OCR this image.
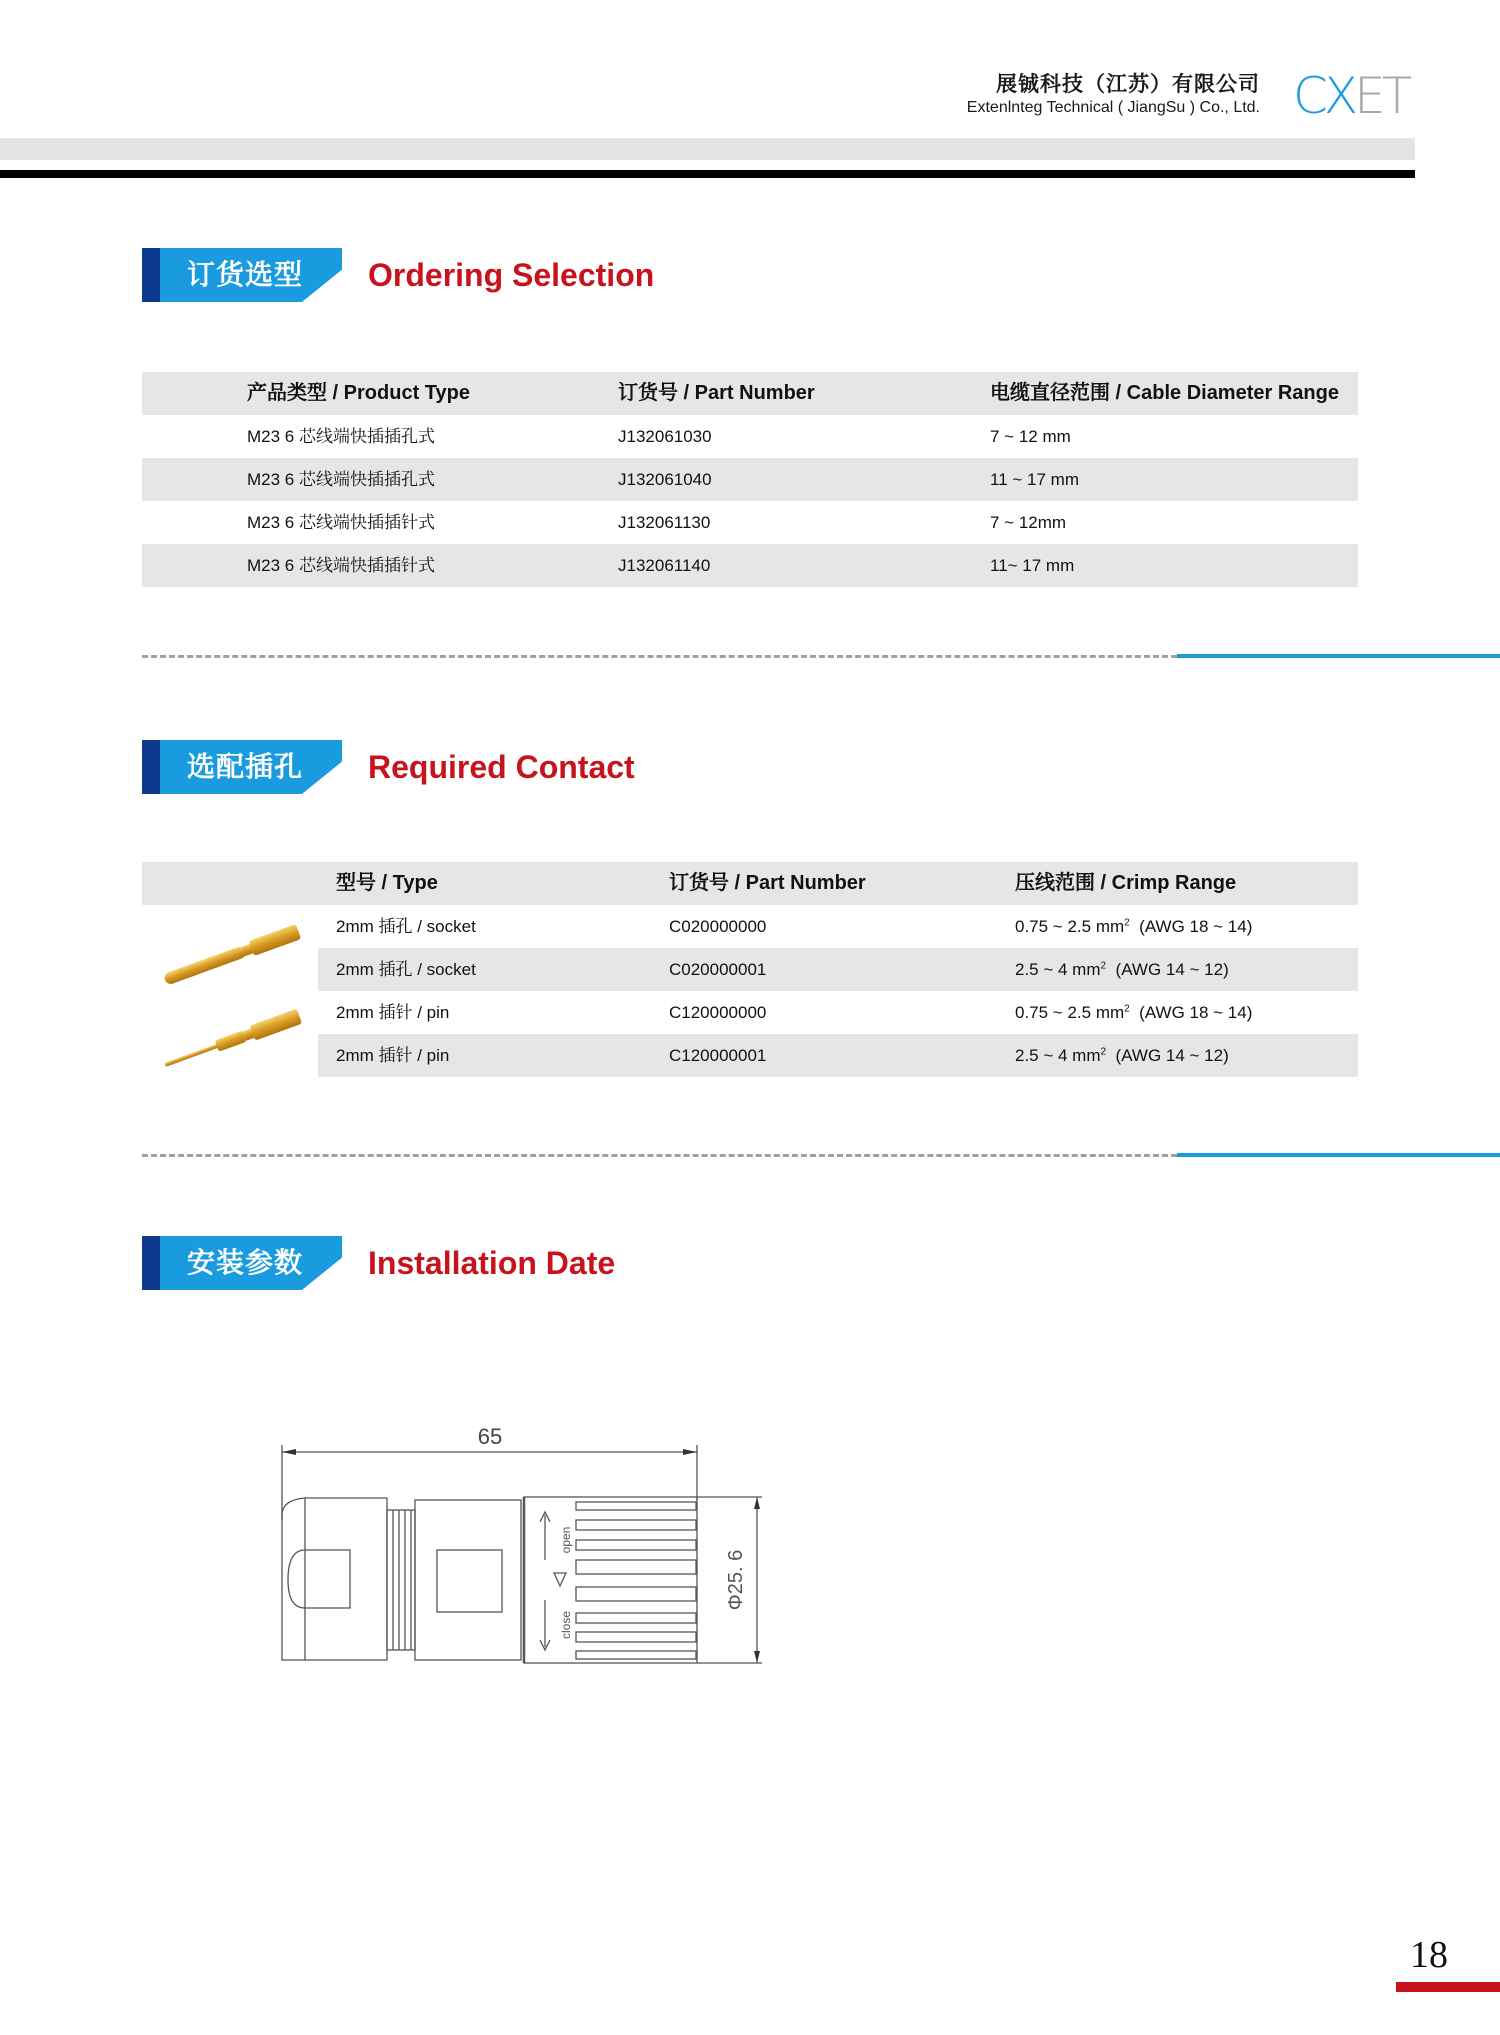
展铖科技（江苏）有限公司
Extenlnteg Technical ( JiangSu ) Co., Ltd. CX ET
订货选型 Ordering Selection
产品类型 / Product Type	订货号 / Part Number	电缆直径范围 / Cable Diameter Range
M23 6 芯线端快插插孔式	J132061030	7 ~ 12 mm
M23 6 芯线端快插插孔式	J132061040	11 ~ 17 mm
M23 6 芯线端快插插针式	J132061130	7 ~ 12mm
M23 6 芯线端快插插针式	J132061140	11~ 17 mm
选配插孔 Required Contact
型号 / Type	订货号 / Part Number	压线范围 / Crimp Range
2mm 插孔 / socket	C020000000	0.75 ~ 2.5 $mm^2$ (AWG 18 ~ 14)
2mm 插孔 / socket	C020000001	2.5 ~ 4 $mm^2$ (AWG 14 ~ 12)
2mm 插针 / pin	C120000000	0.75 ~ 2.5 $mm^2$ (AWG 18 ~ 14)
2mm 插针 / pin	C120000001	2.5 ~ 4 $mm^2$ (AWG 14 ~ 12)
安装参数 Installation Date
65
open
close
Φ25. 6
18
